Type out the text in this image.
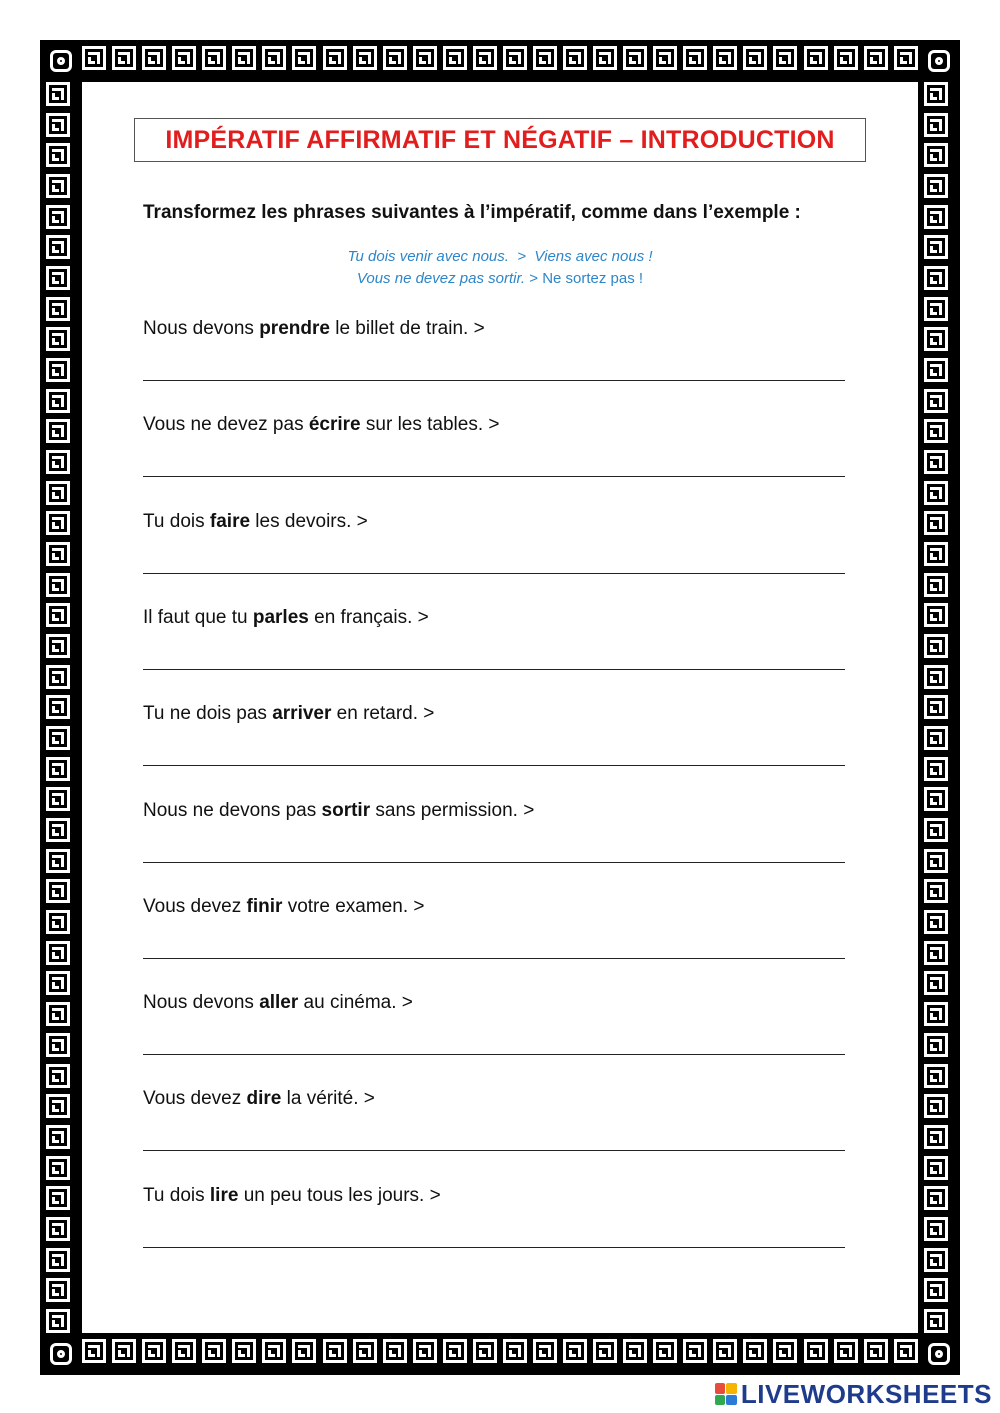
IMPÉRATIF AFFIRMATIF ET NÉGATIF – INTRODUCTION
Transformez les phrases suivantes à l’impératif, comme dans l’exemple :
Tu dois venir avec nous. > Viens avec nous !
Vous ne devez pas sortir. > Ne sortez pas !
Nous devons prendre le billet de train. >
Vous ne devez pas écrire sur les tables. >
Tu dois faire les devoirs. >
Il faut que tu parles en français. >
Tu ne dois pas arriver en retard. >
Nous ne devons pas sortir sans permission. >
Vous devez finir votre examen. >
Nous devons aller au cinéma. >
Vous devez dire la vérité. >
Tu dois lire un peu tous les jours. >
LIVEWORKSHEETS
